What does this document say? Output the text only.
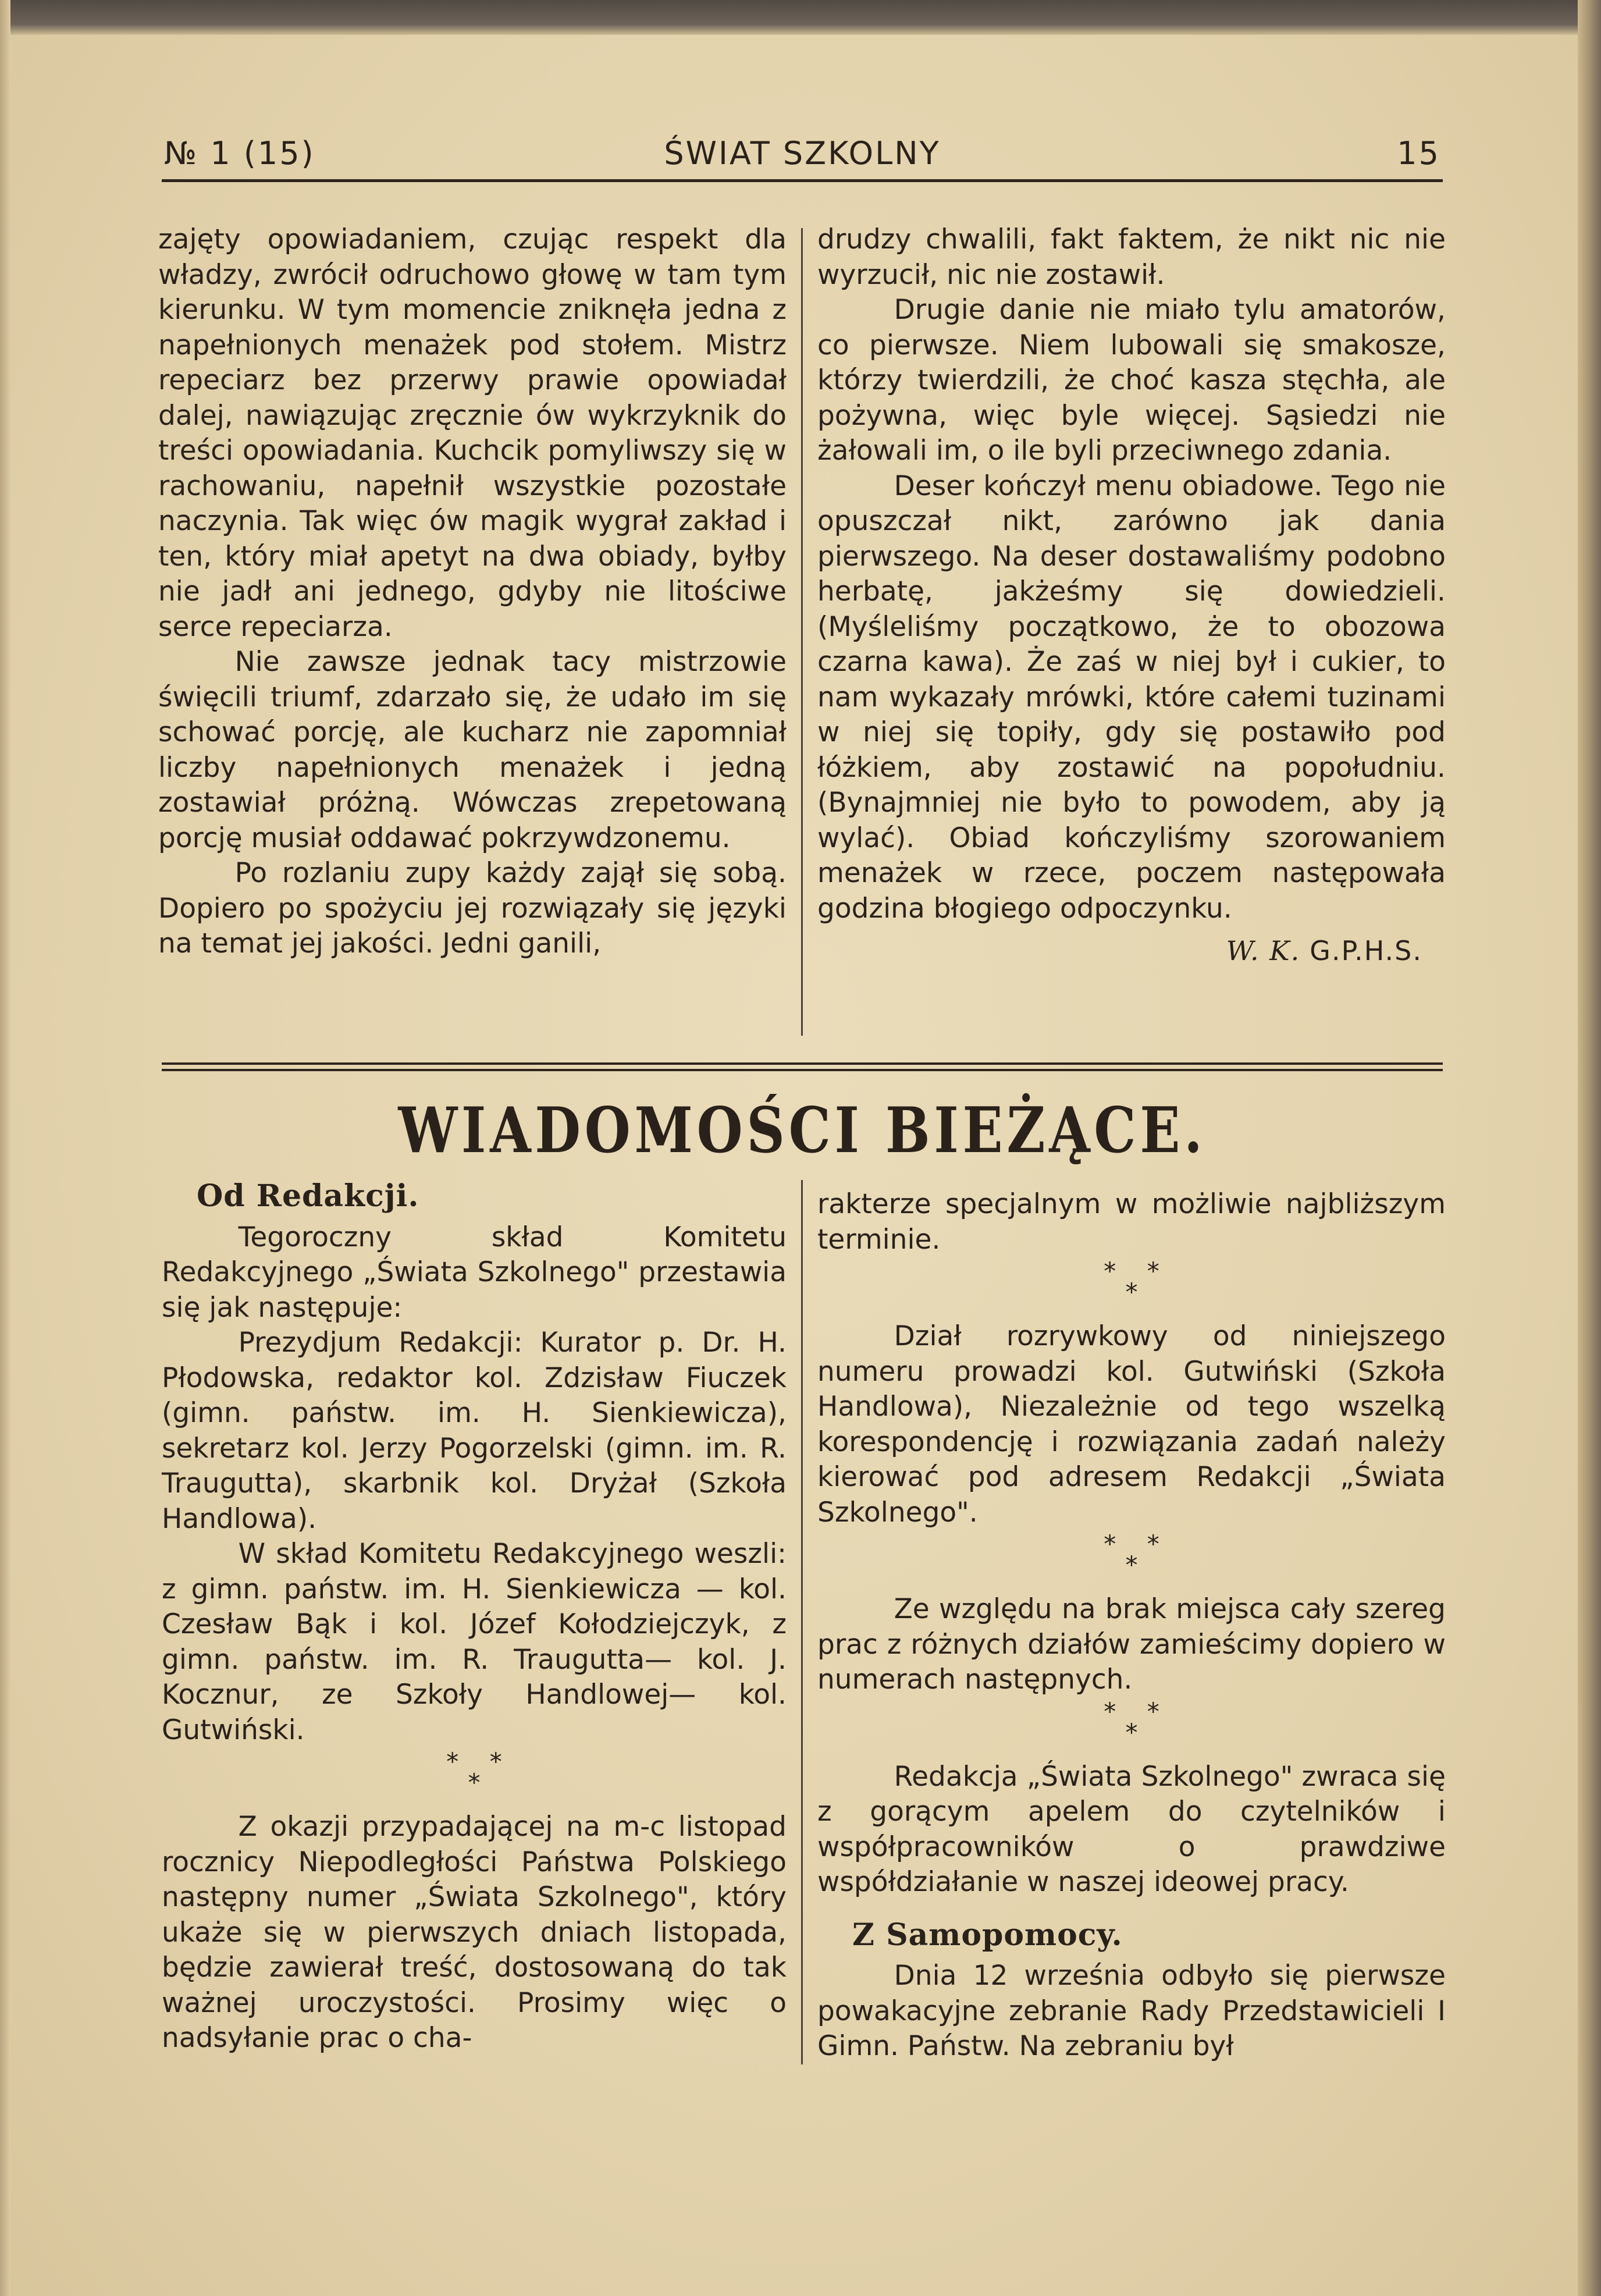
№ 1 (15)	ŚWIAT SZKOLNY	15

zajęty opowiadaniem, czując respekt dla władzy, zwrócił odruchowo głowę w tam tym kierunku. W tym momencie zniknęła jedna z napełnionych menażek pod stołem. Mistrz repeciarz bez przerwy prawie opowiadał dalej, nawiązując zręcznie ów wykrzyknik do treści opowiadania. Kuchcik pomyliwszy się w rachowaniu, napełnił wszystkie pozostałe naczynia. Tak więc ów magik wygrał zakład i ten, który miał apetyt na dwa obiady, byłby nie jadł ani jednego, gdyby nie litościwe serce repeciarza.

Nie zawsze jednak tacy mistrzowie święcili triumf, zdarzało się, że udało im się schować porcję, ale kucharz nie zapomniał liczby napełnionych menażek i jedną zostawiał próżną. Wówczas zrepetowaną porcję musiał oddawać pokrzywdzonemu.

Po rozlaniu zupy każdy zajął się sobą. Dopiero po spożyciu jej rozwiązały się języki na temat jej jakości. Jedni ganili,

drudzy chwalili, fakt faktem, że nikt nic nie wyrzucił, nic nie zostawił.

Drugie danie nie miało tylu amatorów, co pierwsze. Niem lubowali się smakosze, którzy twierdzili, że choć kasza stęchła, ale pożywna, więc byle więcej. Sąsiedzi nie żałowali im, o ile byli przeciwnego zdania.

Deser kończył menu obiadowe. Tego nie opuszczał nikt, zarówno jak dania pierwszego. Na deser dostawaliśmy podobno herbatę, jakżeśmy się dowiedzieli. (Myśleliśmy początkowo, że to obozowa czarna kawa). Że zaś w niej był i cukier, to nam wykazały mrówki, które całemi tuzinami w niej się topiły, gdy się postawiło pod łóżkiem, aby zostawić na popołudniu. (Bynajmniej nie było to powodem, aby ją wylać). Obiad kończyliśmy szorowaniem menażek w rzece, poczem następowała godzina błogiego odpoczynku.

W. K. G.P.H.S.
WIADOMOŚCI BIEŻĄCE.
Od Redakcji.

Tegoroczny skład Komitetu Redakcyjnego „Świata Szkolnego" przestawia się jak następuje:

Prezydjum Redakcji: Kurator p. Dr. H. Płodowska, redaktor kol. Zdzisław Fiuczek (gimn. państw. im. H. Sienkiewicza), sekretarz kol. Jerzy Pogorzelski (gimn. im. R. Traugutta), skarbnik kol. Dryżał (Szkoła Handlowa).

W skład Komitetu Redakcyjnego weszli: z gimn. państw. im. H. Sienkiewicza — kol. Czesław Bąk i kol. Józef Kołodziejczyk, z gimn. państw. im. R. Traugutta— kol. J. Kocznur, ze Szkoły Handlowej— kol. Gutwiński.

* *
*

Z okazji przypadającej na m-c listopad rocznicy Niepodległości Państwa Polskiego następny numer „Świata Szkolnego", który ukaże się w pierwszych dniach listopada, będzie zawierał treść, dostosowaną do tak ważnej uroczystości. Prosimy więc o nadsyłanie prac o cha-

rakterze specjalnym w możliwie najbliższym terminie.

* *
*

Dział rozrywkowy od niniejszego numeru prowadzi kol. Gutwiński (Szkoła Handlowa), Niezależnie od tego wszelką korespondencję i rozwiązania zadań należy kierować pod adresem Redakcji „Świata Szkolnego".

* *
*

Ze względu na brak miejsca cały szereg prac z różnych działów zamieścimy dopiero w numerach następnych.

* *
*

Redakcja „Świata Szkolnego" zwraca się z gorącym apelem do czytelników i współpracowników o prawdziwe współdziałanie w naszej ideowej pracy.

Z Samopomocy.

Dnia 12 września odbyło się pierwsze powakacyjne zebranie Rady Przedstawicieli I Gimn. Państw. Na zebraniu był
